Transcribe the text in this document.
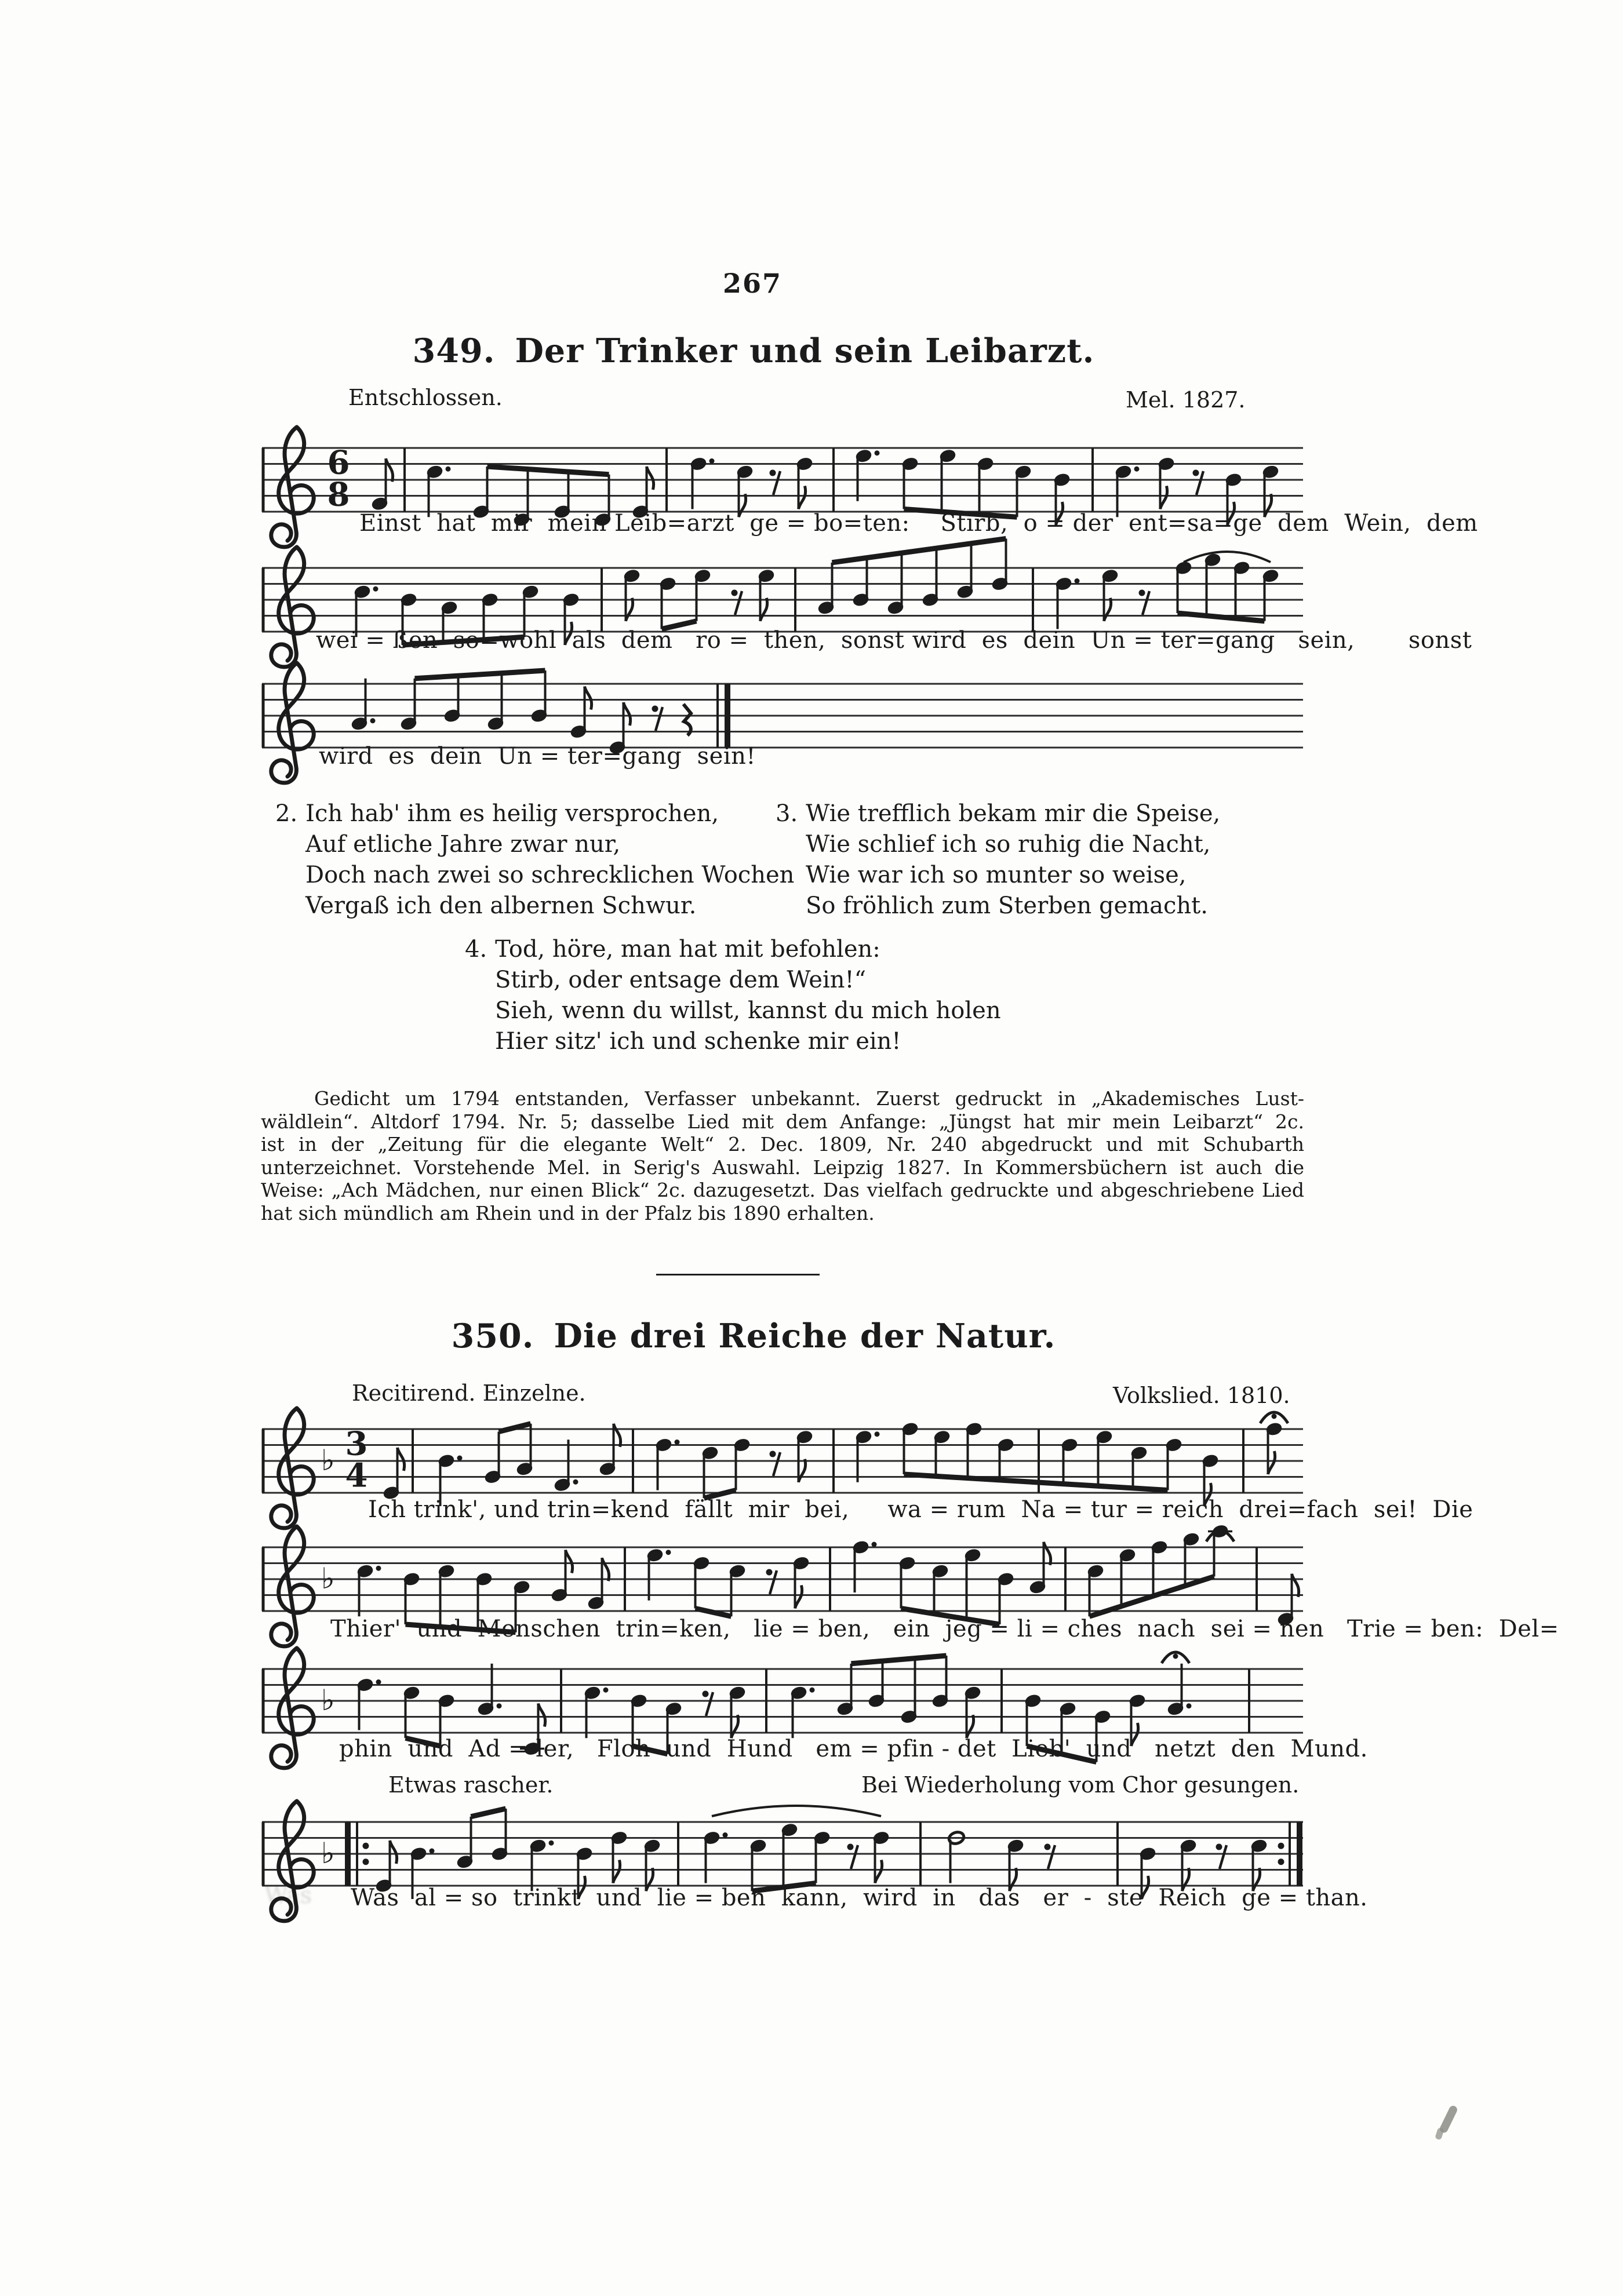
267
349. Der Trinker und sein Leibarzt.
Entschlossen.	Mel. 1827.
6
8
Einst  hat  mir  mein Leib=arzt  ge = bo=ten:    Stirb,  o = der  ent=sa=ge  dem  Wein,  dem
wei = ßen  so=wohl  als  dem   ro =  then,  sonst wird  es  dein  Un = ter=gang   sein,       sonst
wird  es  dein  Un = ter=gang  sein!
2. Ich hab' ihm es heilig versprochen,
Auf etliche Jahre zwar nur,
Doch nach zwei so schrecklichen Wochen
Vergaß ich den albernen Schwur.
3. Wie trefflich bekam mir die Speise,
Wie schlief ich so ruhig die Nacht,
Wie war ich so munter so weise,
So fröhlich zum Sterben gemacht.
4. Tod, höre, man hat mit befohlen:
Stirb, oder entsage dem Wein!“
Sieh, wenn du willst, kannst du mich holen
Hier sitz' ich und schenke mir ein!
Gedicht um 1794 entstanden, Verfasser unbekannt. Zuerst gedruckt in „Akademisches Lust-
wäldlein“. Altdorf 1794. Nr. 5; dasselbe Lied mit dem Anfange: „Jüngst hat mir mein Leibarzt“ 2c.
ist in der „Zeitung für die elegante Welt“ 2. Dec. 1809, Nr. 240 abgedruckt und mit Schubarth
unterzeichnet. Vorstehende Mel. in Serig's Auswahl. Leipzig 1827. In Kommersbüchern ist auch die
Weise: „Ach Mädchen, nur einen Blick“ 2c. dazugesetzt. Das vielfach gedruckte und abgeschriebene Lied
hat sich mündlich am Rhein und in der Pfalz bis 1890 erhalten.
350. Die drei Reiche der Natur.
Recitirend. Einzelne.	Volkslied. 1810.
♭ 3
4
Ich trink', und trin=kend  fällt  mir  bei,     wa = rum  Na = tur = reich  drei=fach  sei!  Die
♭
Thier'  und  Menschen  trin=ken,   lie = ben,   ein  jeg = li = ches  nach  sei = nen   Trie = ben:  Del=
♭
phin  und  Ad = ler,   Floh  und  Hund   em = pfin - det  Lieb'  und   netzt  den  Mund.
Etwas rascher.	Bei Wiederholung vom Chor gesungen.
♭
Was  al = so  trinkt  und  lie = ben  kann,  wird  in   das   er  -  ste  Reich  ge = than.
Was
